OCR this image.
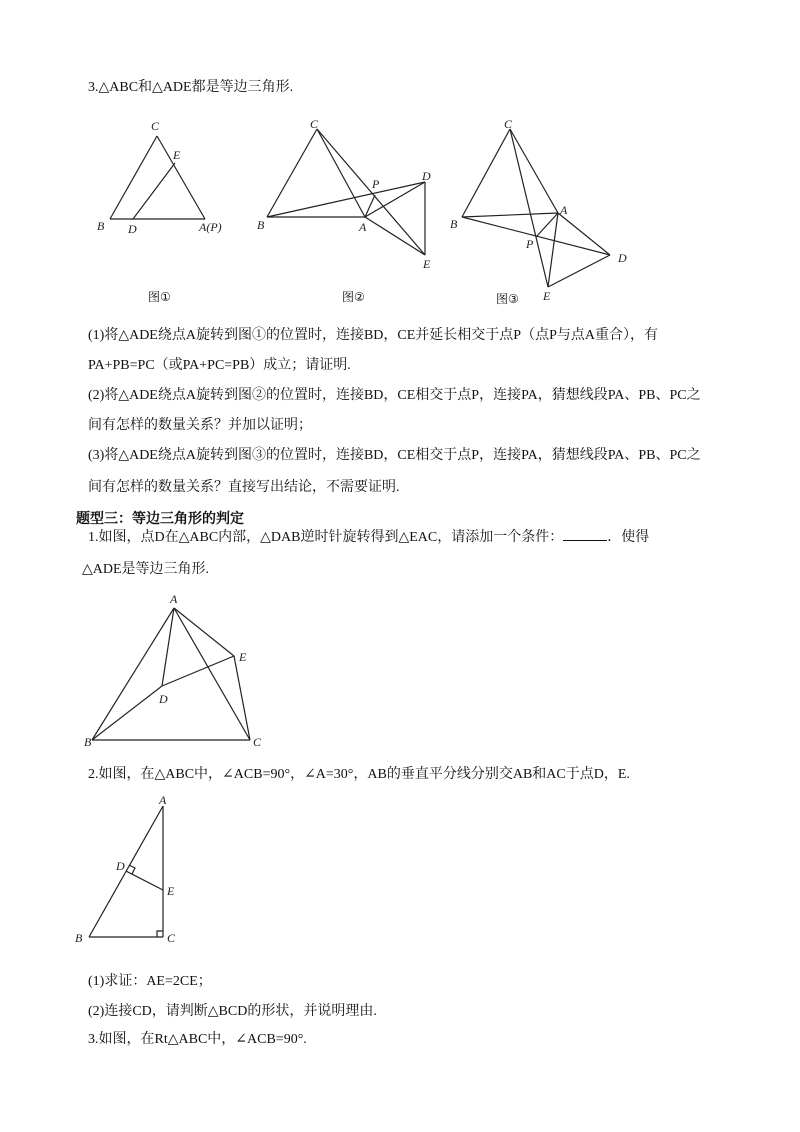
3.△ABC和△ADE都是等边三角形.
C
E
B D	A(P)
图①
C
P
D
B	A
E
图②
C
A
B
P
D
E
图③
(1)将△ADE绕点A旋转到图①的位置时，连接BD，CE并延长相交于点P（点P与点A重合），有
PA+PB=PC（或PA+PC=PB）成立；请证明.
(2)将△ADE绕点A旋转到图②的位置时，连接BD，CE相交于点P，连接PA，猜想线段PA、PB、PC之
间有怎样的数量关系？并加以证明；
(3)将△ADE绕点A旋转到图③的位置时，连接BD，CE相交于点P，连接PA，猜想线段PA、PB、PC之
间有怎样的数量关系？直接写出结论，不需要证明.
题型三：等边三角形的判定
1.如图，点D在△ABC内部，△DAB逆时针旋转得到△EAC，请添加一个条件：	．使得
△ADE是等边三角形.
A
E
D
B	C
2.如图，在△ABC中，∠ACB=90°，∠A=30°，AB的垂直平分线分别交AB和AC于点D，E.
A
D
E
B	C
(1)求证：AE=2CE；
(2)连接CD，请判断△BCD的形状，并说明理由.
3.如图，在Rt△ABC中，∠ACB=90°.
